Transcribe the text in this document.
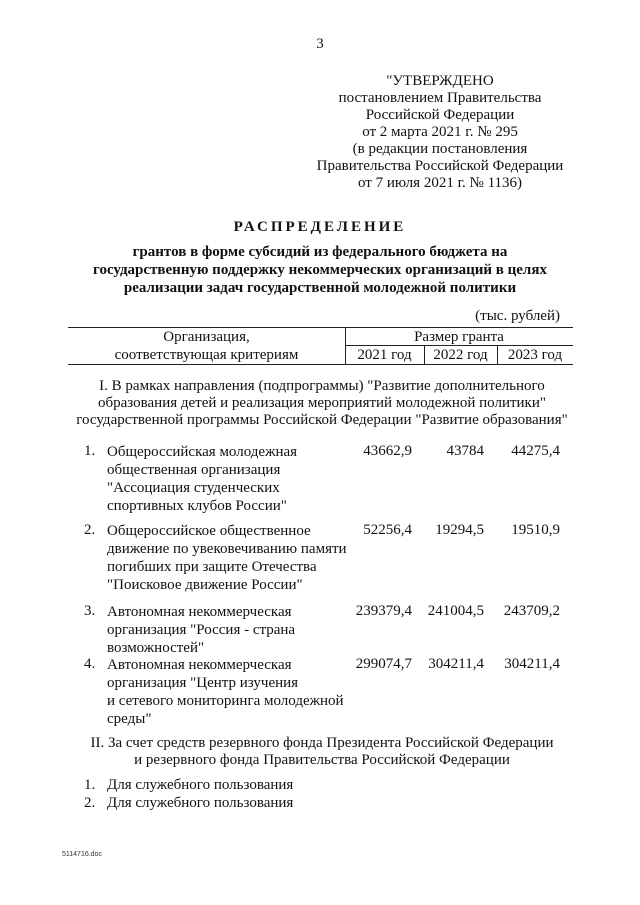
3
"УТВЕРЖДЕНО
постановлением Правительства
Российской Федерации
от 2 марта 2021 г. № 295
(в редакции постановления
Правительства Российской Федерации
от 7 июля 2021 г. № 1136)
РАСПРЕДЕЛЕНИЕ
грантов в форме субсидий из федерального бюджета на
государственную поддержку некоммерческих организаций в целях
реализации задач государственной молодежной политики
(тыс. рублей)
Организация,
соответствующая критериям
Размер гранта
2021 год	2022 год	2023 год
I. В рамках направления (подпрограммы) "Развитие дополнительного
образования детей и реализация мероприятий молодежной политики"
государственной программы Российской Федерации "Развитие образования"
1. Общероссийская молодежная
общественная организация
"Ассоциация студенческих
спортивных клубов России"
43662,9	43784	44275,4
2. Общероссийское общественное
движение по увековечиванию памяти
погибших при защите Отечества
"Поисковое движение России"
52256,4	19294,5	19510,9
3. Автономная некоммерческая
организация "Россия - страна
возможностей"
239379,4	241004,5	243709,2
4. Автономная некоммерческая
организация "Центр изучения
и сетевого мониторинга молодежной
среды"
299074,7	304211,4	304211,4
II. За счет средств резервного фонда Президента Российской Федерации
и резервного фонда Правительства Российской Федерации
1. Для служебного пользования
2. Для служебного пользования
5114716.doc
